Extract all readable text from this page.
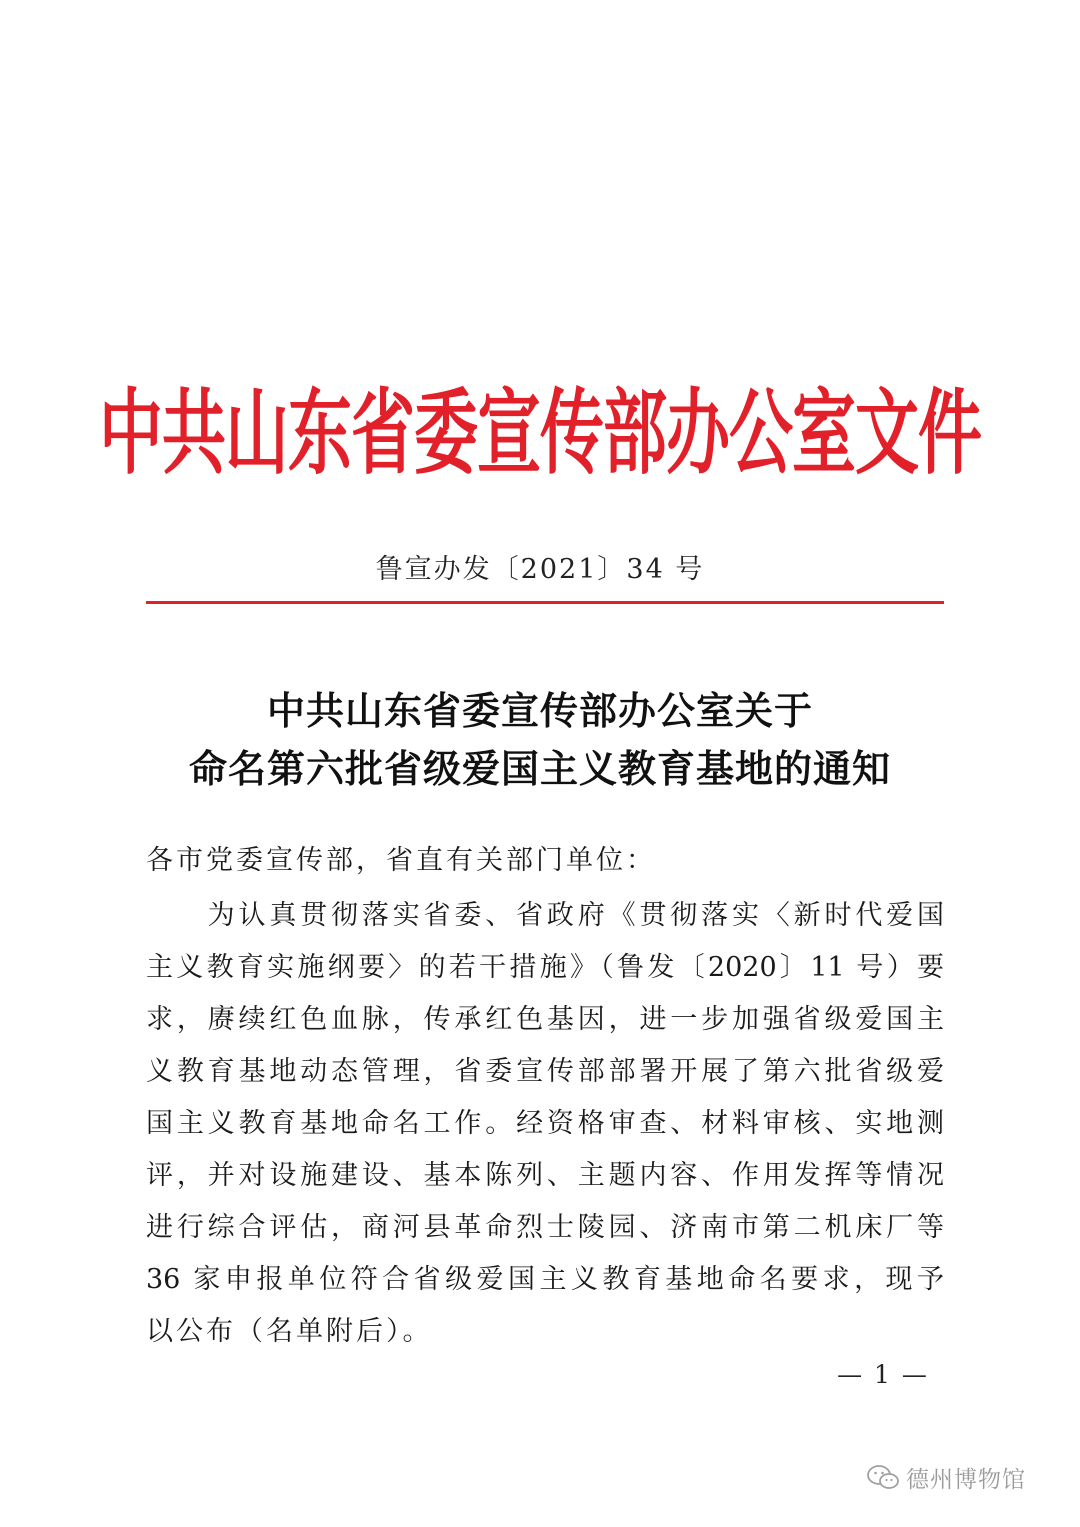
中共山东省委宣传部办公室文件
鲁宣办发〔2021〕34 号
中共山东省委宣传部办公室关于
命名第六批省级爱国主义教育基地的通知
各市党委宣传部，省直有关部门单位：
　　为认真贯彻落实省委、省政府《贯彻落实〈新时代爱国
主义教育实施纲要〉的若干措施》（鲁发〔2020〕11 号）要
求，赓续红色血脉，传承红色基因，进一步加强省级爱国主
义教育基地动态管理，省委宣传部部署开展了第六批省级爱
国主义教育基地命名工作。经资格审查、材料审核、实地测
评，并对设施建设、基本陈列、主题内容、作用发挥等情况
进行综合评估，商河县革命烈士陵园、济南市第二机床厂等
36 家申报单位符合省级爱国主义教育基地命名要求，现予
以公布（名单附后）。
— 1 —
德州博物馆
